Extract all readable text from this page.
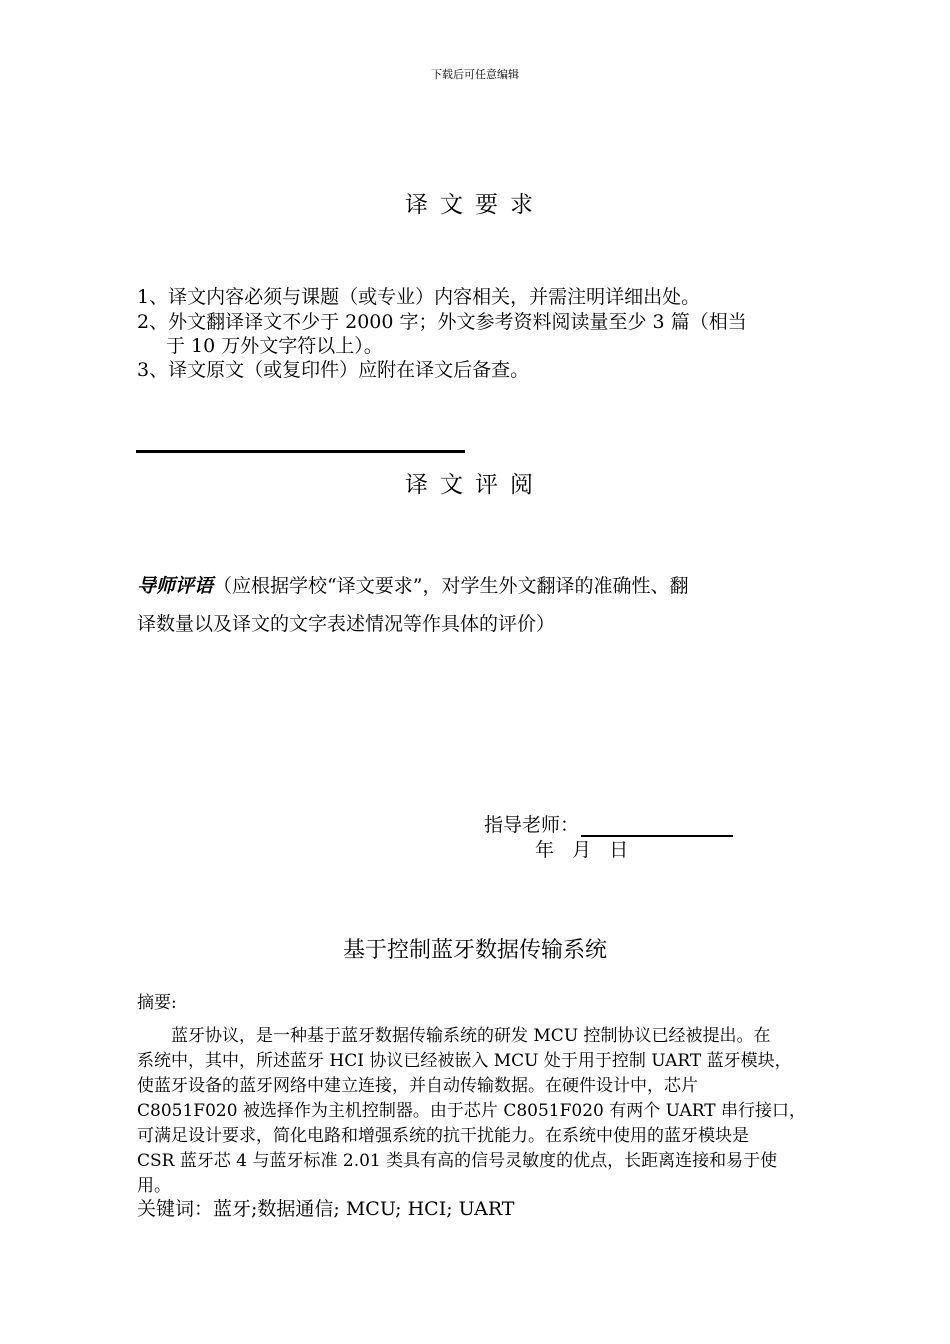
下载后可任意编辑
译文要求
1、译文内容必须与课题（或专业）内容相关，并需注明详细出处。
2、外文翻译译文不少于 2000 字；外文参考资料阅读量至少 3 篇（相当
于 10 万外文字符以上）。
3、译文原文（或复印件）应附在译文后备查。
译文评阅
导师评语（应根据学校“译文要求”，对学生外文翻译的准确性、翻
译数量以及译文的文字表述情况等作具体的评价）
指导老师：
年   月   日
基于控制蓝牙数据传输系统
摘要:
蓝牙协议，是一种基于蓝牙数据传输系统的研发 MCU 控制协议已经被提出。在
系统中，其中，所述蓝牙 HCI 协议已经被嵌入 MCU 处于用于控制 UART 蓝牙模块，
使蓝牙设备的蓝牙网络中建立连接，并自动传输数据。在硬件设计中，芯片
C8051F020 被选择作为主机控制器。由于芯片 C8051F020 有两个 UART 串行接口，
可满足设计要求，简化电路和增强系统的抗干扰能力。在系统中使用的蓝牙模块是
CSR 蓝牙芯 4 与蓝牙标准 2.01 类具有高的信号灵敏度的优点，长距离连接和易于使
用。
关键词：蓝牙;数据通信; MCU; HCI; UART
